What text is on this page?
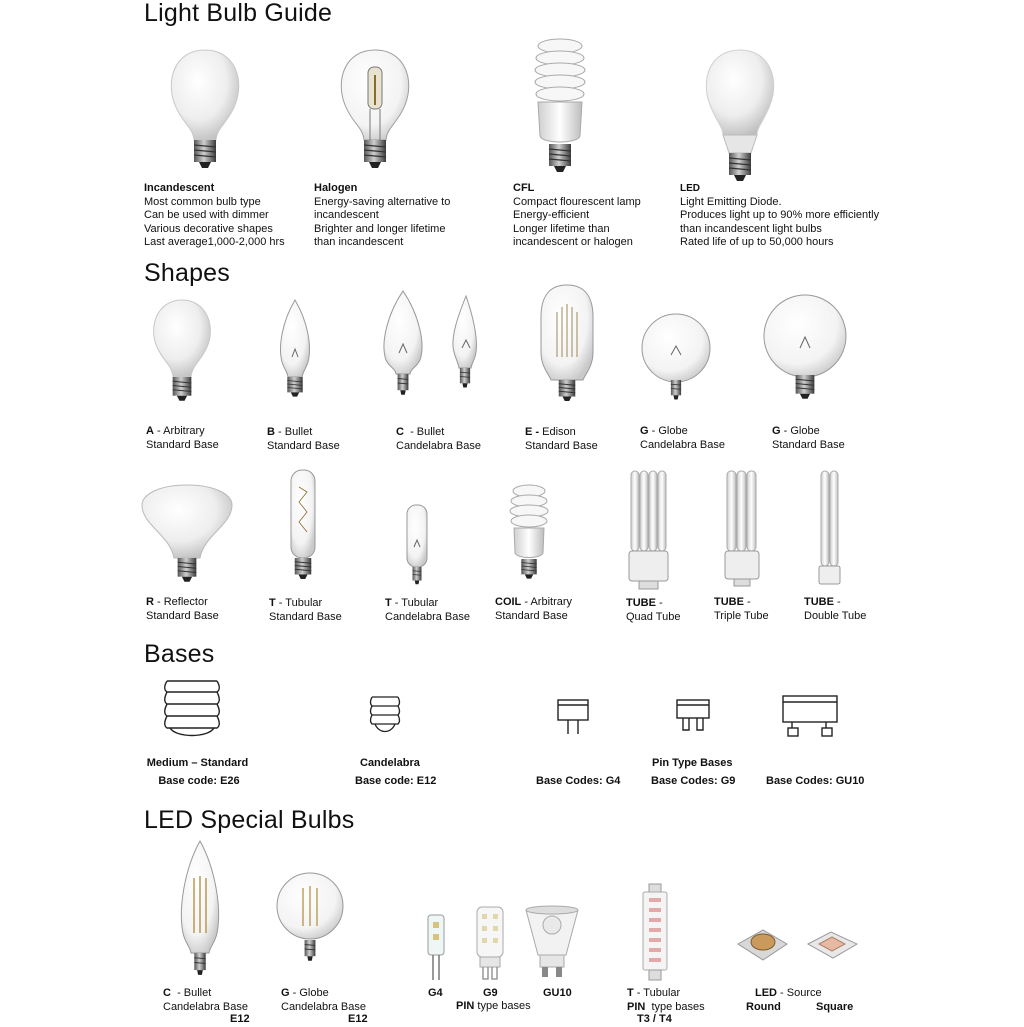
Light Bulb Guide
Incandescent
Most common bulb type
Can be used with dimmer
Various decorative shapes
Last average1,000-2,000 hrs
Halogen
Energy-saving alternative to
incandescent
Brighter and longer lifetime
than incandescent
CFL
Compact flourescent lamp
Energy-efficient
Longer lifetime than
incandescent or halogen
LED
Light Emitting Diode.
Produces light up to 90% more efficiently
than incandescent light bulbs
Rated life of up to 50,000 hours
Shapes
A - Arbitrary
Standard Base
B - Bullet
Standard Base
C  - Bullet
Candelabra Base
E - Edison
Standard Base
G - Globe
Candelabra Base
G - Globe
Standard Base
R - Reflector
Standard Base
T - Tubular
Standard Base
T - Tubular
Candelabra Base
COIL - Arbitrary
Standard Base
TUBE -
Quad Tube
TUBE -
Triple Tube
TUBE -
Double Tube
Bases
Medium – Standard
Base code: E26
Candelabra
Base code: E12
Pin Type Bases
Base Codes: G4	Base Codes: G9	Base Codes: GU10
LED Special Bulbs
C  - Bullet
Candelabra Base
E12
G - Globe
Candelabra Base
E12
G4	G9	GU10
PIN type bases
T - Tubular
PIN  type bases
T3 / T4
LED - Source
Round	Square
